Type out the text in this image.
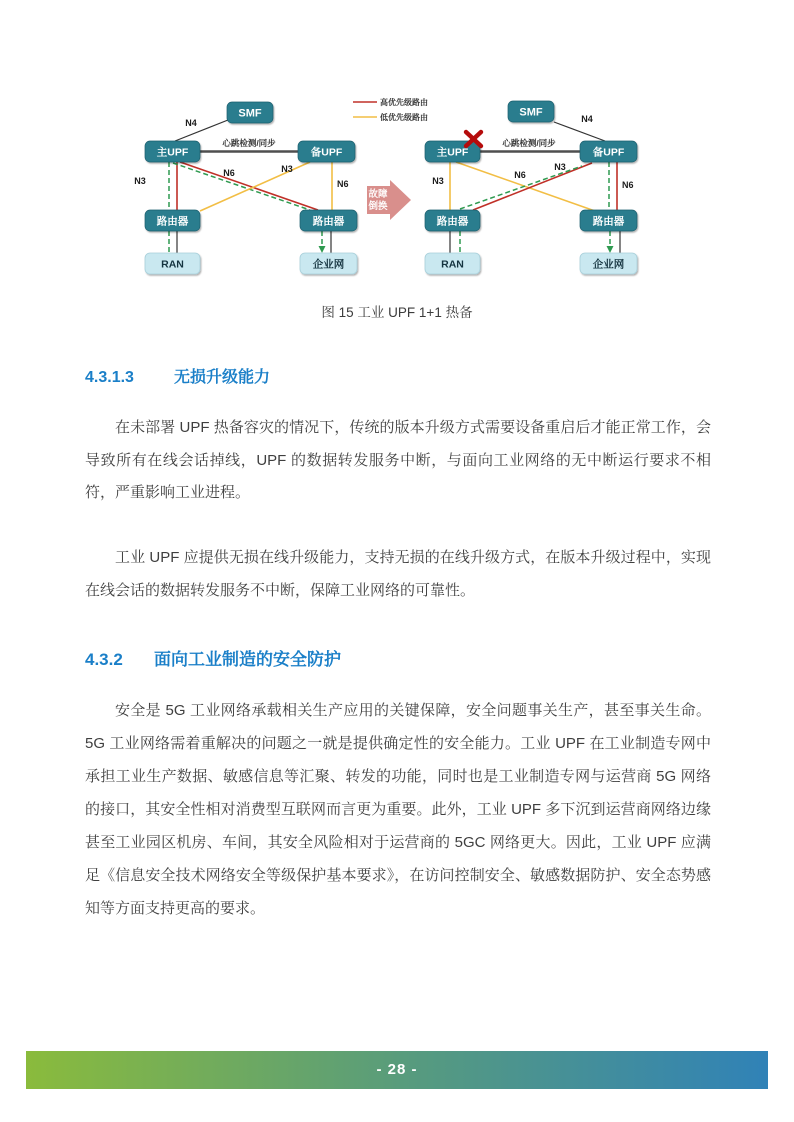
N4
心跳检测/同步
N3
N6	N3
N6
SMF
主UPF	备UPF
路由器	路由器
RAN	企业网
高优先级路由
低优先级路由
故障
倒换
N4
心跳检测/同步
N3
N6
N3
N6
SMF
主UPF	备UPF
路由器	路由器
RAN	企业网
图 15 工业 UPF 1+1 热备
4.3.1.3	无损升级能力

在未部署 UPF 热备容灾的情况下，传统的版本升级方式需要设备重启后才能正常工作，会导致所有在线会话掉线，UPF 的数据转发服务中断，与面向工业网络的无中断运行要求不相符，严重影响工业进程。

工业 UPF 应提供无损在线升级能力，支持无损的在线升级方式，在版本升级过程中，实现在线会话的数据转发服务不中断，保障工业网络的可靠性。

4.3.2 面向工业制造的安全防护

安全是 5G 工业网络承载相关生产应用的关键保障，安全问题事关生产，甚至事关生命。5G 工业网络需着重解决的问题之一就是提供确定性的安全能力。工业 UPF 在工业制造专网中承担工业生产数据、敏感信息等汇聚、转发的功能，同时也是工业制造专网与运营商 5G 网络的接口，其安全性相对消费型互联网而言更为重要。此外，工业 UPF 多下沉到运营商网络边缘甚至工业园区机房、车间，其安全风险相对于运营商的 5GC 网络更大。因此，工业 UPF 应满足《信息安全技术网络安全等级保护基本要求》，在访问控制安全、敏感数据防护、安全态势感知等方面支持更高的要求。

- 28 -
